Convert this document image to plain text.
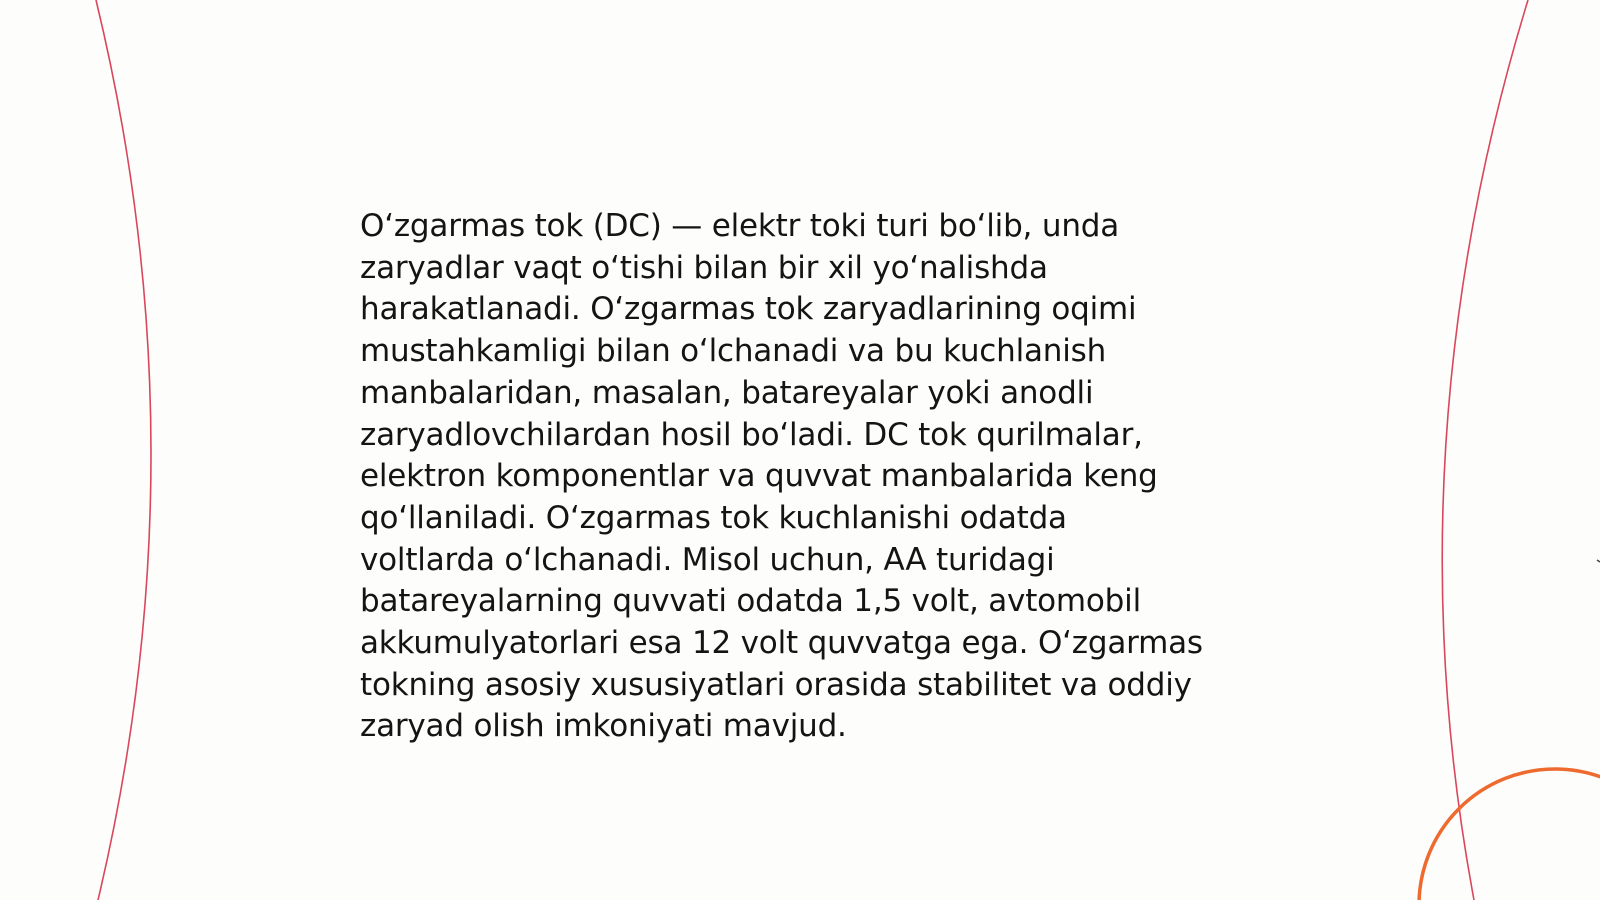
Oʻzgarmas tok (DC) — elektr toki turi boʻlib, unda
zaryadlar vaqt oʻtishi bilan bir xil yoʻnalishda
harakatlanadi. Oʻzgarmas tok zaryadlarining oqimi
mustahkamligi bilan oʻlchanadi va bu kuchlanish
manbalaridan, masalan, batareyalar yoki anodli
zaryadlovchilardan hosil boʻladi. DC tok qurilmalar,
elektron komponentlar va quvvat manbalarida keng
qoʻllaniladi. Oʻzgarmas tok kuchlanishi odatda
voltlarda oʻlchanadi. Misol uchun, AA turidagi
batareyalarning quvvati odatda 1,5 volt, avtomobil
akkumulyatorlari esa 12 volt quvvatga ega. Oʻzgarmas
tokning asosiy xususiyatlari orasida stabilitet va oddiy
zaryad olish imkoniyati mavjud.
